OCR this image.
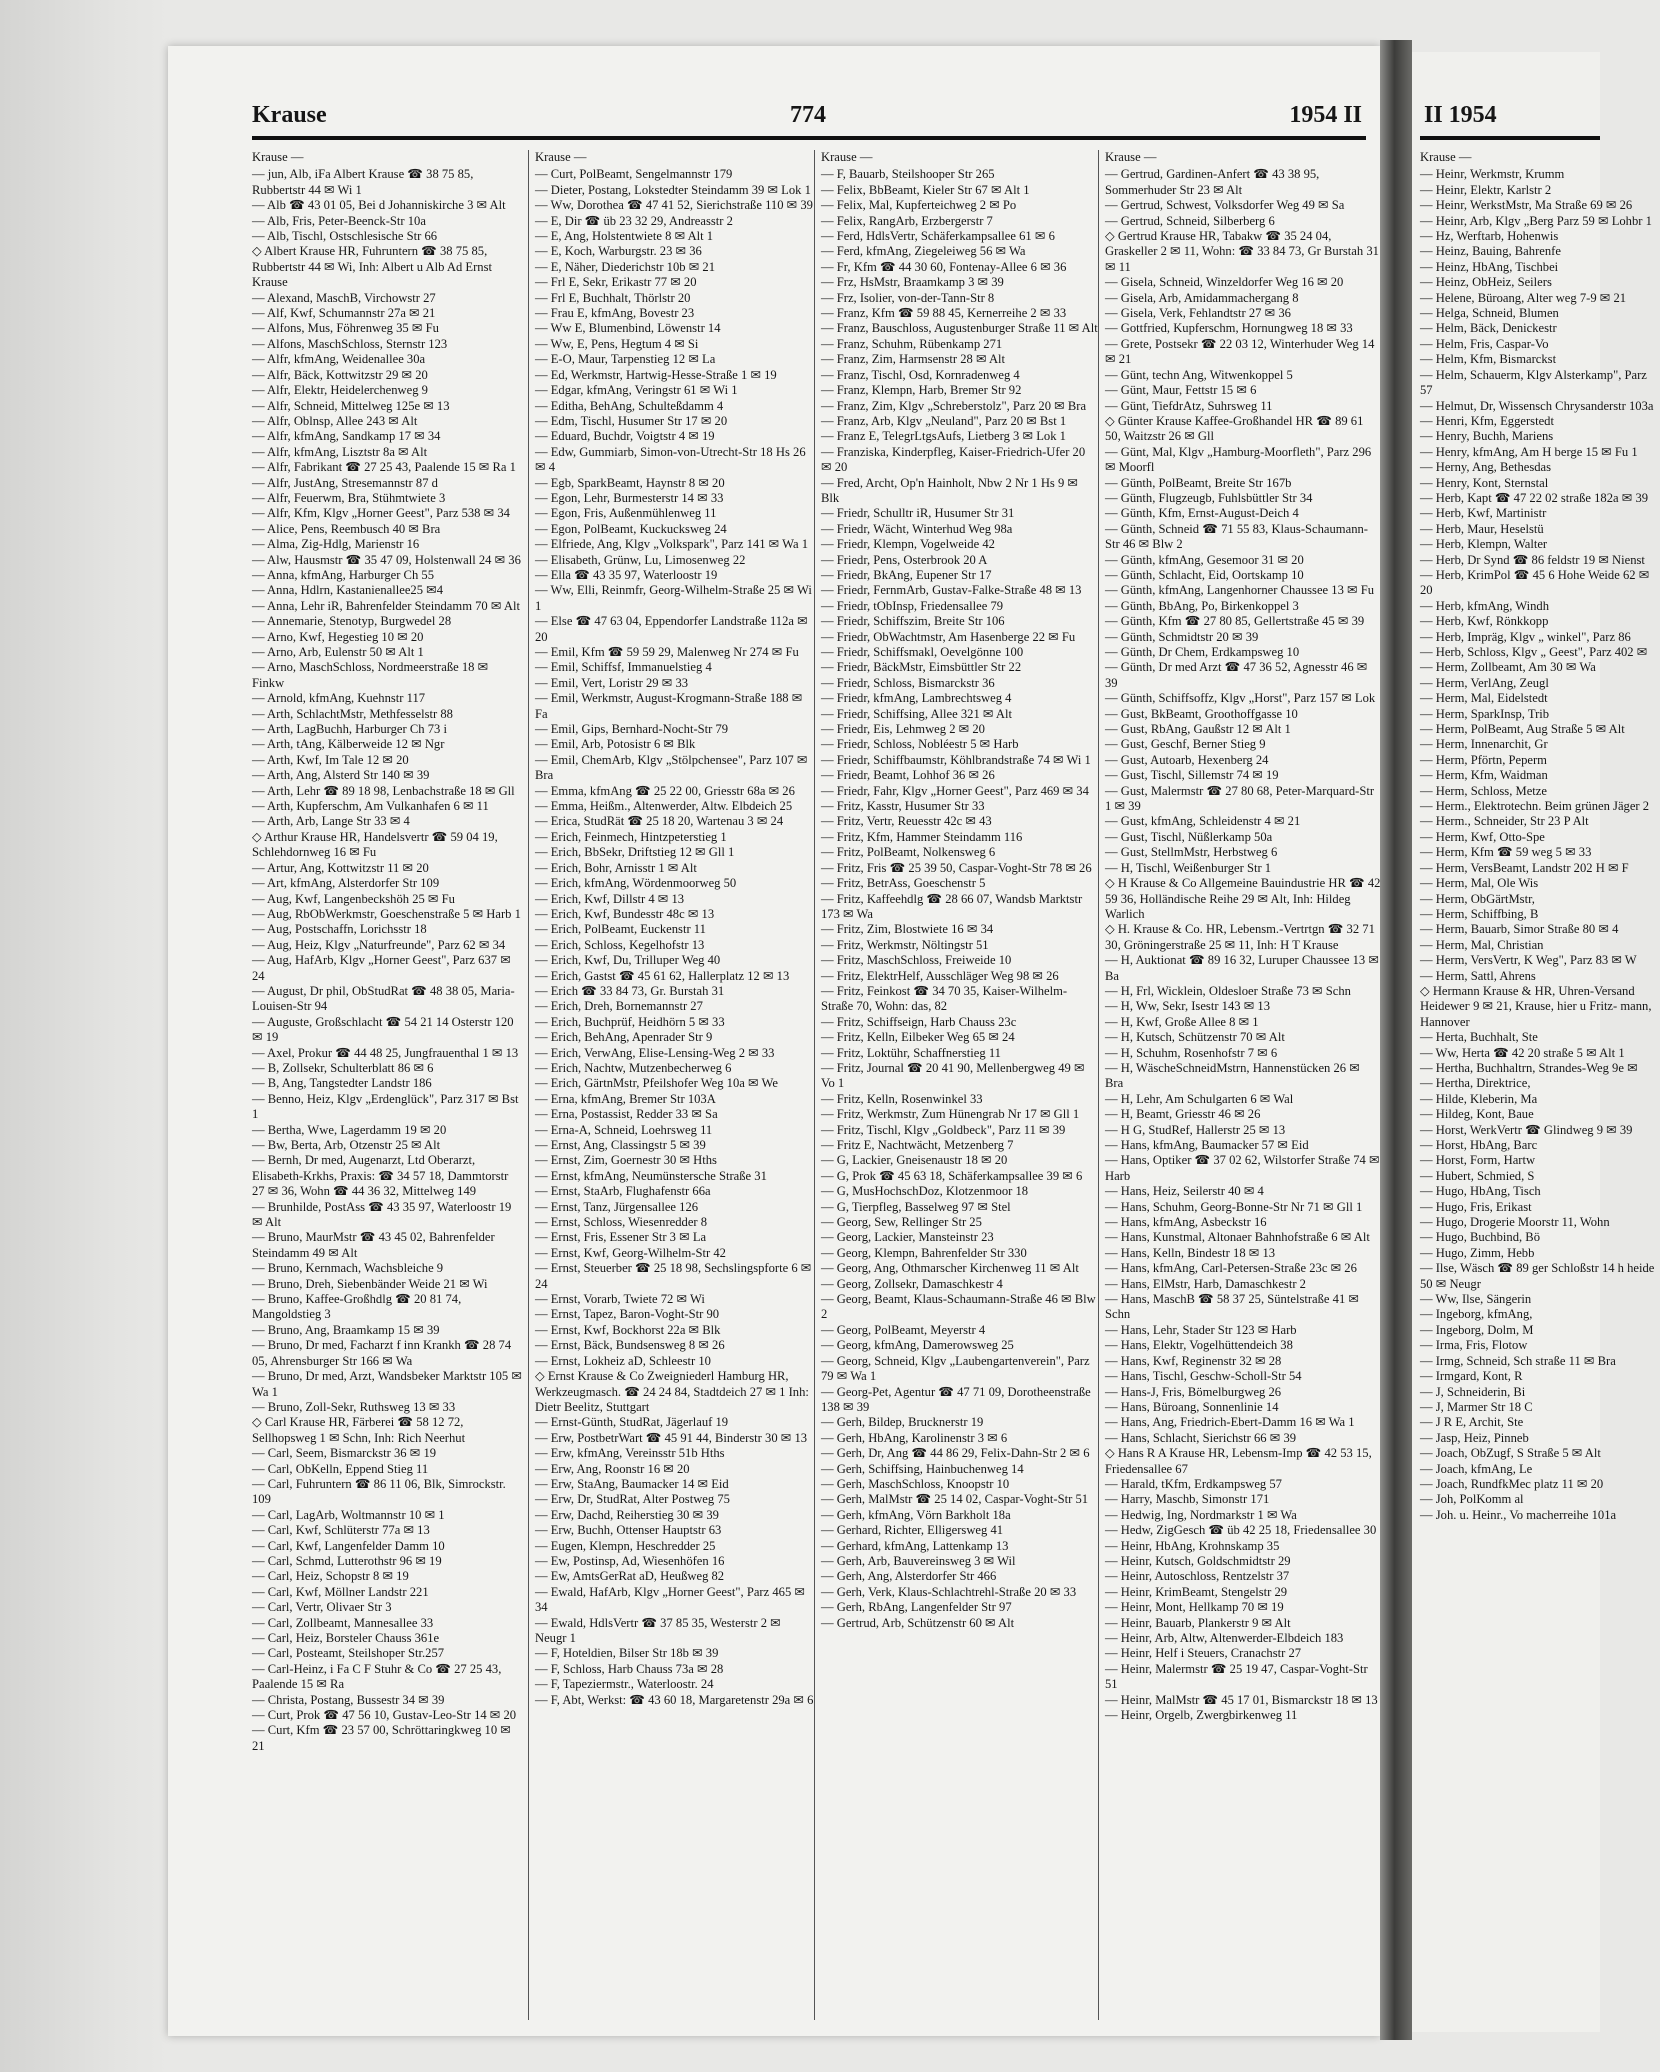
Krause	774	1954 II	II 1954
Krause —
— jun, Alb, iFa Albert Krause ☎ 38 75 85, Rubbertstr 44 ✉ Wi 1
— Alb ☎ 43 01 05, Bei d Johanniskirche 3 ✉ Alt
— Alb, Fris, Peter-Beenck-Str 10a
— Alb, Tischl, Ostschlesische Str 66
◇ Albert Krause HR, Fuhruntern ☎ 38 75 85, Rubbertstr 44 ✉ Wi, Inh: Albert u Alb Ad Ernst Krause
— Alexand, MaschB, Virchowstr 27
— Alf, Kwf, Schumannstr 27a ✉ 21
— Alfons, Mus, Föhrenweg 35 ✉ Fu
— Alfons, MaschSchloss, Sternstr 123
— Alfr, kfmAng, Weidenallee 30a
— Alfr, Bäck, Kottwitzstr 29 ✉ 20
— Alfr, Elektr, Heidelerchenweg 9
— Alfr, Schneid, Mittelweg 125e ✉ 13
— Alfr, Oblnsp, Allee 243 ✉ Alt
— Alfr, kfmAng, Sandkamp 17 ✉ 34
— Alfr, kfmAng, Lisztstr 8a ✉ Alt
— Alfr, Fabrikant ☎ 27 25 43, Paalende 15 ✉ Ra 1
— Alfr, JustAng, Stresemannstr 87 d
— Alfr, Feuerwm, Bra, Stühmtwiete 3
— Alfr, Kfm, Klgv „Horner Geest", Parz 538 ✉ 34
— Alice, Pens, Reembusch 40 ✉ Bra
— Alma, Zig-Hdlg, Marienstr 16
— Alw, Hausmstr ☎ 35 47 09, Holstenwall 24 ✉ 36
— Anna, kfmAng, Harburger Ch 55
— Anna, Hdlrn, Kastanienallee25 ✉4
— Anna, Lehr iR, Bahrenfelder Steindamm 70 ✉ Alt
— Annemarie, Stenotyp, Burgwedel 28
— Arno, Kwf, Hegestieg 10 ✉ 20
— Arno, Arb, Eulenstr 50 ✉ Alt 1
— Arno, MaschSchloss, Nordmeerstraße 18 ✉ Finkw
— Arnold, kfmAng, Kuehnstr 117
— Arth, SchlachtMstr, Methfesselstr 88
— Arth, LagBuchh, Harburger Ch 73 i
— Arth, tAng, Kälberweide 12 ✉ Ngr
— Arth, Kwf, Im Tale 12 ✉ 20
— Arth, Ang, Alsterd Str 140 ✉ 39
— Arth, Lehr ☎ 89 18 98, Lenbachstraße 18 ✉ Gll
— Arth, Kupferschm, Am Vulkanhafen 6 ✉ 11
— Arth, Arb, Lange Str 33 ✉ 4
◇ Arthur Krause HR, Handelsvertr ☎ 59 04 19, Schlehdornweg 16 ✉ Fu
— Artur, Ang, Kottwitzstr 11 ✉ 20
— Art, kfmAng, Alsterdorfer Str 109
— Aug, Kwf, Langenbeckshöh 25 ✉ Fu
— Aug, RbObWerkmstr, Goeschenstraße 5 ✉ Harb 1
— Aug, Postschaffn, Lorichsstr 18
— Aug, Heiz, Klgv „Naturfreunde", Parz 62 ✉ 34
— Aug, HafArb, Klgv „Horner Geest", Parz 637 ✉ 24
— August, Dr phil, ObStudRat ☎ 48 38 05, Maria-Louisen-Str 94
— Auguste, Großschlacht ☎ 54 21 14 Osterstr 120 ✉ 19
— Axel, Prokur ☎ 44 48 25, Jungfrauenthal 1 ✉ 13
— B, Zollsekr, Schulterblatt 86 ✉ 6
— B, Ang, Tangstedter Landstr 186
— Benno, Heiz, Klgv „Erdenglück", Parz 317 ✉ Bst 1
— Bertha, Wwe, Lagerdamm 19 ✉ 20
— Bw, Berta, Arb, Otzenstr 25 ✉ Alt
— Bernh, Dr med, Augenarzt, Ltd Oberarzt, Elisabeth-Krkhs, Praxis: ☎ 34 57 18, Dammtorstr 27 ✉ 36, Wohn ☎ 44 36 32, Mittelweg 149
— Brunhilde, PostAss ☎ 43 35 97, Waterloostr 19 ✉ Alt
— Bruno, MaurMstr ☎ 43 45 02, Bahrenfelder Steindamm 49 ✉ Alt
— Bruno, Kernmach, Wachsbleiche 9
— Bruno, Dreh, Siebenbänder Weide 21 ✉ Wi
— Bruno, Kaffee-Großhdlg ☎ 20 81 74, Mangoldstieg 3
— Bruno, Ang, Braamkamp 15 ✉ 39
— Bruno, Dr med, Facharzt f inn Krankh ☎ 28 74 05, Ahrensburger Str 166 ✉ Wa
— Bruno, Dr med, Arzt, Wandsbeker Marktstr 105 ✉ Wa 1
— Bruno, Zoll-Sekr, Ruthsweg 13 ✉ 33
◇ Carl Krause HR, Färberei ☎ 58 12 72, Sellhopsweg 1 ✉ Schn, Inh: Rich Neerhut
— Carl, Seem, Bismarckstr 36 ✉ 19
— Carl, ObKelln, Eppend Stieg 11
— Carl, Fuhruntern ☎ 86 11 06, Blk, Simrockstr. 109
— Carl, LagArb, Woltmannstr 10 ✉ 1
— Carl, Kwf, Schlüterstr 77a ✉ 13
— Carl, Kwf, Langenfelder Damm 10
— Carl, Schmd, Lutterothstr 96 ✉ 19
— Carl, Heiz, Schopstr 8 ✉ 19
— Carl, Kwf, Möllner Landstr 221
— Carl, Vertr, Olivaer Str 3
— Carl, Zollbeamt, Mannesallee 33
— Carl, Heiz, Borsteler Chauss 361e
— Carl, Posteamt, Steilshoper Str.257
— Carl-Heinz, i Fa C F Stuhr & Co ☎ 27 25 43, Paalende 15 ✉ Ra
— Christa, Postang, Bussestr 34 ✉ 39
— Curt, Prok ☎ 47 56 10, Gustav-Leo-Str 14 ✉ 20
— Curt, Kfm ☎ 23 57 00, Schröttaringkweg 10 ✉ 21
Krause —
— Curt, PolBeamt, Sengelmannstr 179
— Dieter, Postang, Lokstedter Steindamm 39 ✉ Lok 1
— Ww, Dorothea ☎ 47 41 52, Sierichstraße 110 ✉ 39
— E, Dir ☎ üb 23 32 29, Andreasstr 2
— E, Ang, Holstentwiete 8 ✉ Alt 1
— E, Koch, Warburgstr. 23 ✉ 36
— E, Näher, Diederichstr 10b ✉ 21
— Frl E, Sekr, Erikastr 77 ✉ 20
— Frl E, Buchhalt, Thörlstr 20
— Frau E, kfmAng, Bovestr 23
— Ww E, Blumenbind, Löwenstr 14
— Ww, E, Pens, Hegtum 4 ✉ Si
— E-O, Maur, Tarpenstieg 12 ✉ La
— Ed, Werkmstr, Hartwig-Hesse-Straße 1 ✉ 19
— Edgar, kfmAng, Veringstr 61 ✉ Wi 1
— Editha, BehAng, Schulteßdamm 4
— Edm, Tischl, Husumer Str 17 ✉ 20
— Eduard, Buchdr, Voigtstr 4 ✉ 19
— Edw, Gummiarb, Simon-von-Utrecht-Str 18 Hs 26 ✉ 4
— Egb, SparkBeamt, Haynstr 8 ✉ 20
— Egon, Lehr, Burmesterstr 14 ✉ 33
— Egon, Fris, Außenmühlenweg 11
— Egon, PolBeamt, Kuckucksweg 24
— Elfriede, Ang, Klgv „Volkspark", Parz 141 ✉ Wa 1
— Elisabeth, Grünw, Lu, Limosenweg 22
— Ella ☎ 43 35 97, Waterloostr 19
— Ww, Elli, Reinmfr, Georg-Wilhelm-Straße 25 ✉ Wi 1
— Else ☎ 47 63 04, Eppendorfer Landstraße 112a ✉ 20
— Emil, Kfm ☎ 59 59 29, Malenweg Nr 274 ✉ Fu
— Emil, Schiffsf, Immanuelstieg 4
— Emil, Vert, Loristr 29 ✉ 33
— Emil, Werkmstr, August-Krogmann-Straße 188 ✉ Fa
— Emil, Gips, Bernhard-Nocht-Str 79
— Emil, Arb, Potosistr 6 ✉ Blk
— Emil, ChemArb, Klgv „Stölpchensee", Parz 107 ✉ Bra
— Emma, kfmAng ☎ 25 22 00, Griesstr 68a ✉ 26
— Emma, Heißm., Altenwerder, Altw. Elbdeich 25
— Erica, StudRät ☎ 25 18 20, Wartenau 3 ✉ 24
— Erich, Feinmech, Hintzpeterstieg 1
— Erich, BbSekr, Driftstieg 12 ✉ Gll 1
— Erich, Bohr, Arnisstr 1 ✉ Alt
— Erich, kfmAng, Wördenmoorweg 50
— Erich, Kwf, Dillstr 4 ✉ 13
— Erich, Kwf, Bundesstr 48c ✉ 13
— Erich, PolBeamt, Euckenstr 11
— Erich, Schloss, Kegelhofstr 13
— Erich, Kwf, Du, Trilluper Weg 40
— Erich, Gastst ☎ 45 61 62, Hallerplatz 12 ✉ 13
— Erich ☎ 33 84 73, Gr. Burstah 31
— Erich, Dreh, Bornemannstr 27
— Erich, Buchprüf, Heidhörn 5 ✉ 33
— Erich, BehAng, Apenrader Str 9
— Erich, VerwAng, Elise-Lensing-Weg 2 ✉ 33
— Erich, Nachtw, Mutzenbecherweg 6
— Erich, GärtnMstr, Pfeilshofer Weg 10a ✉ We
— Erna, kfmAng, Bremer Str 103A
— Erna, Postassist, Redder 33 ✉ Sa
— Erna-A, Schneid, Loehrsweg 11
— Ernst, Ang, Classingstr 5 ✉ 39
— Ernst, Zim, Goernestr 30 ✉ Hths
— Ernst, kfmAng, Neumünstersche Straße 31
— Ernst, StaArb, Flughafenstr 66a
— Ernst, Tanz, Jürgensallee 126
— Ernst, Schloss, Wiesenredder 8
— Ernst, Fris, Essener Str 3 ✉ La
— Ernst, Kwf, Georg-Wilhelm-Str 42
— Ernst, Steuerber ☎ 25 18 98, Sechslingspforte 6 ✉ 24
— Ernst, Vorarb, Twiete 72 ✉ Wi
— Ernst, Tapez, Baron-Voght-Str 90
— Ernst, Kwf, Bockhorst 22a ✉ Blk
— Ernst, Bäck, Bundsensweg 8 ✉ 26
— Ernst, Lokheiz aD, Schleestr 10
◇ Ernst Krause & Co Zweigniederl Hamburg HR, Werkzeugmasch. ☎ 24 24 84, Stadtdeich 27 ✉ 1 Inh: Dietr Beelitz, Stuttgart
— Ernst-Günth, StudRat, Jägerlauf 19
— Erw, PostbetrWart ☎ 45 91 44, Binderstr 30 ✉ 13
— Erw, kfmAng, Vereinsstr 51b Hths
— Erw, Ang, Roonstr 16 ✉ 20
— Erw, StaAng, Baumacker 14 ✉ Eid
— Erw, Dr, StudRat, Alter Postweg 75
— Erw, Dachd, Reiherstieg 30 ✉ 39
— Erw, Buchh, Ottenser Hauptstr 63
— Eugen, Klempn, Heschredder 25
— Ew, Postinsp, Ad, Wiesenhöfen 16
— Ew, AmtsGerRat aD, Heußweg 82
— Ewald, HafArb, Klgv „Horner Geest", Parz 465 ✉ 34
— Ewald, HdlsVertr ☎ 37 85 35, Westerstr 2 ✉ Neugr 1
— F, Hoteldien, Bilser Str 18b ✉ 39
— F, Schloss, Harb Chauss 73a ✉ 28
— F, Tapeziermstr., Waterloostr. 24
— F, Abt, Werkst: ☎ 43 60 18, Margaretenstr 29a ✉ 6
Krause —
— F, Bauarb, Steilshooper Str 265
— Felix, BbBeamt, Kieler Str 67 ✉ Alt 1
— Felix, Mal, Kupferteichweg 2 ✉ Po
— Felix, RangArb, Erzbergerstr 7
— Ferd, HdlsVertr, Schäferkampsallee 61 ✉ 6
— Ferd, kfmAng, Ziegeleiweg 56 ✉ Wa
— Fr, Kfm ☎ 44 30 60, Fontenay-Allee 6 ✉ 36
— Frz, HsMstr, Braamkamp 3 ✉ 39
— Frz, Isolier, von-der-Tann-Str 8
— Franz, Kfm ☎ 59 88 45, Kernerreihe 2 ✉ 33
— Franz, Bauschloss, Augustenburger Straße 11 ✉ Alt
— Franz, Schuhm, Rübenkamp 271
— Franz, Zim, Harmsenstr 28 ✉ Alt
— Franz, Tischl, Osd, Kornradenweg 4
— Franz, Klempn, Harb, Bremer Str 92
— Franz, Zim, Klgv „Schreberstolz", Parz 20 ✉ Bra
— Franz, Arb, Klgv „Neuland", Parz 20 ✉ Bst 1
— Franz E, TelegrLtgsAufs, Lietberg 3 ✉ Lok 1
— Franziska, Kinderpfleg, Kaiser-Friedrich-Ufer 20 ✉ 20
— Fred, Archt, Op'n Hainholt, Nbw 2 Nr 1 Hs 9 ✉ Blk
— Friedr, Schulltr iR, Husumer Str 31
— Friedr, Wächt, Winterhud Weg 98a
— Friedr, Klempn, Vogelweide 42
— Friedr, Pens, Osterbrook 20 A
— Friedr, BkAng, Eupener Str 17
— Friedr, FernmArb, Gustav-Falke-Straße 48 ✉ 13
— Friedr, tObInsp, Friedensallee 79
— Friedr, Schiffszim, Breite Str 106
— Friedr, ObWachtmstr, Am Hasenberge 22 ✉ Fu
— Friedr, Schiffsmakl, Oevelgönne 100
— Friedr, BäckMstr, Eimsbüttler Str 22
— Friedr, Schloss, Bismarckstr 36
— Friedr, kfmAng, Lambrechtsweg 4
— Friedr, Schiffsing, Allee 321 ✉ Alt
— Friedr, Eis, Lehmweg 2 ✉ 20
— Friedr, Schloss, Nobléestr 5 ✉ Harb
— Friedr, Schiffbaumstr, Köhlbrandstraße 74 ✉ Wi 1
— Friedr, Beamt, Lohhof 36 ✉ 26
— Friedr, Fahr, Klgv „Horner Geest", Parz 469 ✉ 34
— Fritz, Kasstr, Husumer Str 33
— Fritz, Vertr, Reuesstr 42c ✉ 43
— Fritz, Kfm, Hammer Steindamm 116
— Fritz, PolBeamt, Nolkensweg 6
— Fritz, Fris ☎ 25 39 50, Caspar-Voght-Str 78 ✉ 26
— Fritz, BetrAss, Goeschenstr 5
— Fritz, Kaffeehdlg ☎ 28 66 07, Wandsb Marktstr 173 ✉ Wa
— Fritz, Zim, Blostwiete 16 ✉ 34
— Fritz, Werkmstr, Nöltingstr 51
— Fritz, MaschSchloss, Freiweide 10
— Fritz, ElektrHelf, Ausschläger Weg 98 ✉ 26
— Fritz, Feinkost ☎ 34 70 35, Kaiser-Wilhelm-Straße 70, Wohn: das, 82
— Fritz, Schiffseign, Harb Chauss 23c
— Fritz, Kelln, Eilbeker Weg 65 ✉ 24
— Fritz, Loktühr, Schaffnerstieg 11
— Fritz, Journal ☎ 20 41 90, Mellenbergweg 49 ✉ Vo 1
— Fritz, Kelln, Rosenwinkel 33
— Fritz, Werkmstr, Zum Hünengrab Nr 17 ✉ Gll 1
— Fritz, Tischl, Klgv „Goldbeck", Parz 11 ✉ 39
— Fritz E, Nachtwächt, Metzenberg 7
— G, Lackier, Gneisenaustr 18 ✉ 20
— G, Prok ☎ 45 63 18, Schäferkampsallee 39 ✉ 6
— G, MusHochschDoz, Klotzenmoor 18
— G, Tierpfleg, Basselweg 97 ✉ Stel
— Georg, Sew, Rellinger Str 25
— Georg, Lackier, Mansteinstr 23
— Georg, Klempn, Bahrenfelder Str 330
— Georg, Ang, Othmarscher Kirchenweg 11 ✉ Alt
— Georg, Zollsekr, Damaschkestr 4
— Georg, Beamt, Klaus-Schaumann-Straße 46 ✉ Blw 2
— Georg, PolBeamt, Meyerstr 4
— Georg, kfmAng, Damerowsweg 25
— Georg, Schneid, Klgv „Laubengartenverein", Parz 79 ✉ Wa 1
— Georg-Pet, Agentur ☎ 47 71 09, Dorotheenstraße 138 ✉ 39
— Gerh, Bildep, Brucknerstr 19
— Gerh, HbAng, Karolinenstr 3 ✉ 6
— Gerh, Dr, Ang ☎ 44 86 29, Felix-Dahn-Str 2 ✉ 6
— Gerh, Schiffsing, Hainbuchenweg 14
— Gerh, MaschSchloss, Knoopstr 10
— Gerh, MalMstr ☎ 25 14 02, Caspar-Voght-Str 51
— Gerh, kfmAng, Vörn Barkholt 18a
— Gerhard, Richter, Elligersweg 41
— Gerhard, kfmAng, Lattenkamp 13
— Gerh, Arb, Bauvereinsweg 3 ✉ Wil
— Gerh, Ang, Alsterdorfer Str 466
— Gerh, Verk, Klaus-Schlachtrehl-Straße 20 ✉ 33
— Gerh, RbAng, Langenfelder Str 97
— Gertrud, Arb, Schützenstr 60 ✉ Alt
Krause —
— Gertrud, Gardinen-Anfert ☎ 43 38 95, Sommerhuder Str 23 ✉ Alt
— Gertrud, Schwest, Volksdorfer Weg 49 ✉ Sa
— Gertrud, Schneid, Silberberg 6
◇ Gertrud Krause HR, Tabakw ☎ 35 24 04, Graskeller 2 ✉ 11, Wohn: ☎ 33 84 73, Gr Burstah 31 ✉ 11
— Gisela, Schneid, Winzeldorfer Weg 16 ✉ 20
— Gisela, Arb, Amidammachergang 8
— Gisela, Verk, Fehlandtstr 27 ✉ 36
— Gottfried, Kupferschm, Hornungweg 18 ✉ 33
— Grete, Postsekr ☎ 22 03 12, Winterhuder Weg 14 ✉ 21
— Günt, techn Ang, Witwenkoppel 5
— Günt, Maur, Fettstr 15 ✉ 6
— Günt, TiefdrAtz, Suhrsweg 11
◇ Günter Krause Kaffee-Großhandel HR ☎ 89 61 50, Waitzstr 26 ✉ Gll
— Günt, Mal, Klgv „Hamburg-Moorfleth", Parz 296 ✉ Moorfl
— Günth, PolBeamt, Breite Str 167b
— Günth, Flugzeugb, Fuhlsbüttler Str 34
— Günth, Kfm, Ernst-August-Deich 4
— Günth, Schneid ☎ 71 55 83, Klaus-Schaumann-Str 46 ✉ Blw 2
— Günth, kfmAng, Gesemoor 31 ✉ 20
— Günth, Schlacht, Eid, Oortskamp 10
— Günth, kfmAng, Langenhorner Chaussee 13 ✉ Fu
— Günth, BbAng, Po, Birkenkoppel 3
— Günth, Kfm ☎ 27 80 85, Gellertstraße 45 ✉ 39
— Günth, Schmidtstr 20 ✉ 39
— Günth, Dr Chem, Erdkampsweg 10
— Günth, Dr med Arzt ☎ 47 36 52, Agnesstr 46 ✉ 39
— Günth, Schiffsoffz, Klgv „Horst", Parz 157 ✉ Lok
— Gust, BkBeamt, Groothoffgasse 10
— Gust, RbAng, Gaußstr 12 ✉ Alt 1
— Gust, Geschf, Berner Stieg 9
— Gust, Autoarb, Hexenberg 24
— Gust, Tischl, Sillemstr 74 ✉ 19
— Gust, Malermstr ☎ 27 80 68, Peter-Marquard-Str 1 ✉ 39
— Gust, kfmAng, Schleidenstr 4 ✉ 21
— Gust, Tischl, Nüßlerkamp 50a
— Gust, StellmMstr, Herbstweg 6
— H, Tischl, Weißenburger Str 1
◇ H Krause & Co Allgemeine Bauindustrie HR ☎ 42 59 36, Holländische Reihe 29 ✉ Alt, Inh: Hildeg Warlich
◇ H. Krause & Co. HR, Lebensm.-Vertrtgn ☎ 32 71 30, Gröningerstraße 25 ✉ 11, Inh: H T Krause
— H, Auktionat ☎ 89 16 32, Luruper Chaussee 13 ✉ Ba
— H, Frl, Wicklein, Oldesloer Straße 73 ✉ Schn
— H, Ww, Sekr, Isestr 143 ✉ 13
— H, Kwf, Große Allee 8 ✉ 1
— H, Kutsch, Schützenstr 70 ✉ Alt
— H, Schuhm, Rosenhofstr 7 ✉ 6
— H, WäscheSchneidMstrn, Hannenstücken 26 ✉ Bra
— H, Lehr, Am Schulgarten 6 ✉ Wal
— H, Beamt, Griesstr 46 ✉ 26
— H G, StudRef, Hallerstr 25 ✉ 13
— Hans, kfmAng, Baumacker 57 ✉ Eid
— Hans, Optiker ☎ 37 02 62, Wilstorfer Straße 74 ✉ Harb
— Hans, Heiz, Seilerstr 40 ✉ 4
— Hans, Schuhm, Georg-Bonne-Str Nr 71 ✉ Gll 1
— Hans, kfmAng, Asbeckstr 16
— Hans, Kunstmal, Altonaer Bahnhofstraße 6 ✉ Alt
— Hans, Kelln, Bindestr 18 ✉ 13
— Hans, kfmAng, Carl-Petersen-Straße 23c ✉ 26
— Hans, ElMstr, Harb, Damaschkestr 2
— Hans, MaschB ☎ 58 37 25, Süntelstraße 41 ✉ Schn
— Hans, Lehr, Stader Str 123 ✉ Harb
— Hans, Elektr, Vogelhüttendeich 38
— Hans, Kwf, Reginenstr 32 ✉ 28
— Hans, Tischl, Geschw-Scholl-Str 54
— Hans-J, Fris, Bömelburgweg 26
— Hans, Büroang, Sonnenlinie 14
— Hans, Ang, Friedrich-Ebert-Damm 16 ✉ Wa 1
— Hans, Schlacht, Sierichstr 66 ✉ 39
◇ Hans R A Krause HR, Lebensm-Imp ☎ 42 53 15, Friedensallee 67
— Harald, tKfm, Erdkampsweg 57
— Harry, Maschb, Simonstr 171
— Hedwig, Ing, Nordmarkstr 1 ✉ Wa
— Hedw, ZigGesch ☎ üb 42 25 18, Friedensallee 30
— Heinr, HbAng, Krohnskamp 35
— Heinr, Kutsch, Goldschmidtstr 29
— Heinr, Autoschloss, Rentzelstr 37
— Heinr, KrimBeamt, Stengelstr 29
— Heinr, Mont, Hellkamp 70 ✉ 19
— Heinr, Bauarb, Plankerstr 9 ✉ Alt
— Heinr, Arb, Altw, Altenwerder-Elbdeich 183
— Heinr, Helf i Steuers, Cranachstr 27
— Heinr, Malermstr ☎ 25 19 47, Caspar-Voght-Str 51
— Heinr, MalMstr ☎ 45 17 01, Bismarckstr 18 ✉ 13
— Heinr, Orgelb, Zwergbirkenweg 11
Krause —
— Heinr, Werkmstr, Krumm
— Heinr, Elektr, Karlstr 2
— Heinr, WerkstMstr, Ma Straße 69 ✉ 26
— Heinr, Arb, Klgv „Berg Parz 59 ✉ Lohbr 1
— Hz, Werftarb, Hohenwis
— Heinz, Bauing, Bahrenfe
— Heinz, HbAng, Tischbei
— Heinz, ObHeiz, Seilers
— Helene, Büroang, Alter weg 7-9 ✉ 21
— Helga, Schneid, Blumen
— Helm, Bäck, Denickestr
— Helm, Fris, Caspar-Vo
— Helm, Kfm, Bismarckst
— Helm, Schauerm, Klgv Alsterkamp", Parz 57
— Helmut, Dr, Wissensch Chrysanderstr 103a
— Henri, Kfm, Eggerstedt
— Henry, Buchh, Mariens
— Henry, kfmAng, Am H berge 15 ✉ Fu 1
— Herny, Ang, Bethesdas
— Henry, Kont, Sternstal
— Herb, Kapt ☎ 47 22 02 straße 182a ✉ 39
— Herb, Kwf, Martinistr
— Herb, Maur, Heselstü
— Herb, Klempn, Walter
— Herb, Dr Synd ☎ 86 feldstr 19 ✉ Nienst
— Herb, KrimPol ☎ 45 6 Hohe Weide 62 ✉ 20
— Herb, kfmAng, Windh
— Herb, Kwf, Rönkkopp
— Herb, Impräg, Klgv „ winkel", Parz 86
— Herb, Schloss, Klgv „ Geest", Parz 402 ✉
— Herm, Zollbeamt, Am 30 ✉ Wa
— Herm, VerlAng, Zeugl
— Herm, Mal, Eidelstedt
— Herm, SparkInsp, Trib
— Herm, PolBeamt, Aug Straße 5 ✉ Alt
— Herm, Innenarchit, Gr
— Herm, Pförtn, Peperm
— Herm, Kfm, Waidman
— Herm, Schloss, Metze
— Herm., Elektrotechn. Beim grünen Jäger 2
— Herm., Schneider, Str 23 P Alt
— Herm, Kwf, Otto-Spe
— Herm, Kfm ☎ 59 weg 5 ✉ 33
— Herm, VersBeamt, Landstr 202 H ✉ F
— Herm, Mal, Ole Wis
— Herm, ObGärtMstr,
— Herm, Schiffbing, B
— Herm, Bauarb, Simor Straße 80 ✉ 4
— Herm, Mal, Christian
— Herm, VersVertr, K Weg", Parz 83 ✉ W
— Herm, Sattl, Ahrens
◇ Hermann Krause & HR, Uhren-Versand Heidewег 9 ✉ 21, Krause, hier u Fritz- mann, Hannover
— Herta, Buchhalt, Ste
— Ww, Herta ☎ 42 20 straße 5 ✉ Alt 1
— Hertha, Buchhaltrn, Strandes-Weg 9e ✉
— Hertha, Direktrice,
— Hilde, Kleberin, Ma
— Hildeg, Kont, Baue
— Horst, WerkVertr ☎ Glindweg 9 ✉ 39
— Horst, HbAng, Barc
— Horst, Form, Hartw
— Hubert, Schmied, S
— Hugo, HbAng, Tisch
— Hugo, Fris, Erikast
— Hugo, Drogerie Moorstr 11, Wohn
— Hugo, Buchbind, Bö
— Hugo, Zimm, Hebb
— Ilse, Wäsch ☎ 89 ger Schloßstr 14 h heide 50 ✉ Neugr
— Ww, Ilse, Sängerin
— Ingeborg, kfmAng,
— Ingeborg, Dolm, M
— Irma, Fris, Flotow
— Irmg, Schneid, Sch straße 11 ✉ Bra
— Irmgard, Kont, R
— J, Schneiderin, Bi
— J, Marmer Str 18 C
— J R E, Archit, Ste
— Jasp, Heiz, Pinneb
— Joach, ObZugf, S Straße 5 ✉ Alt
— Joach, kfmAng, Le
— Joach, RundfkMec platz 11 ✉ 20
— Joh, PolKomm al
— Joh. u. Heinr., Vo macherreihe 101a
